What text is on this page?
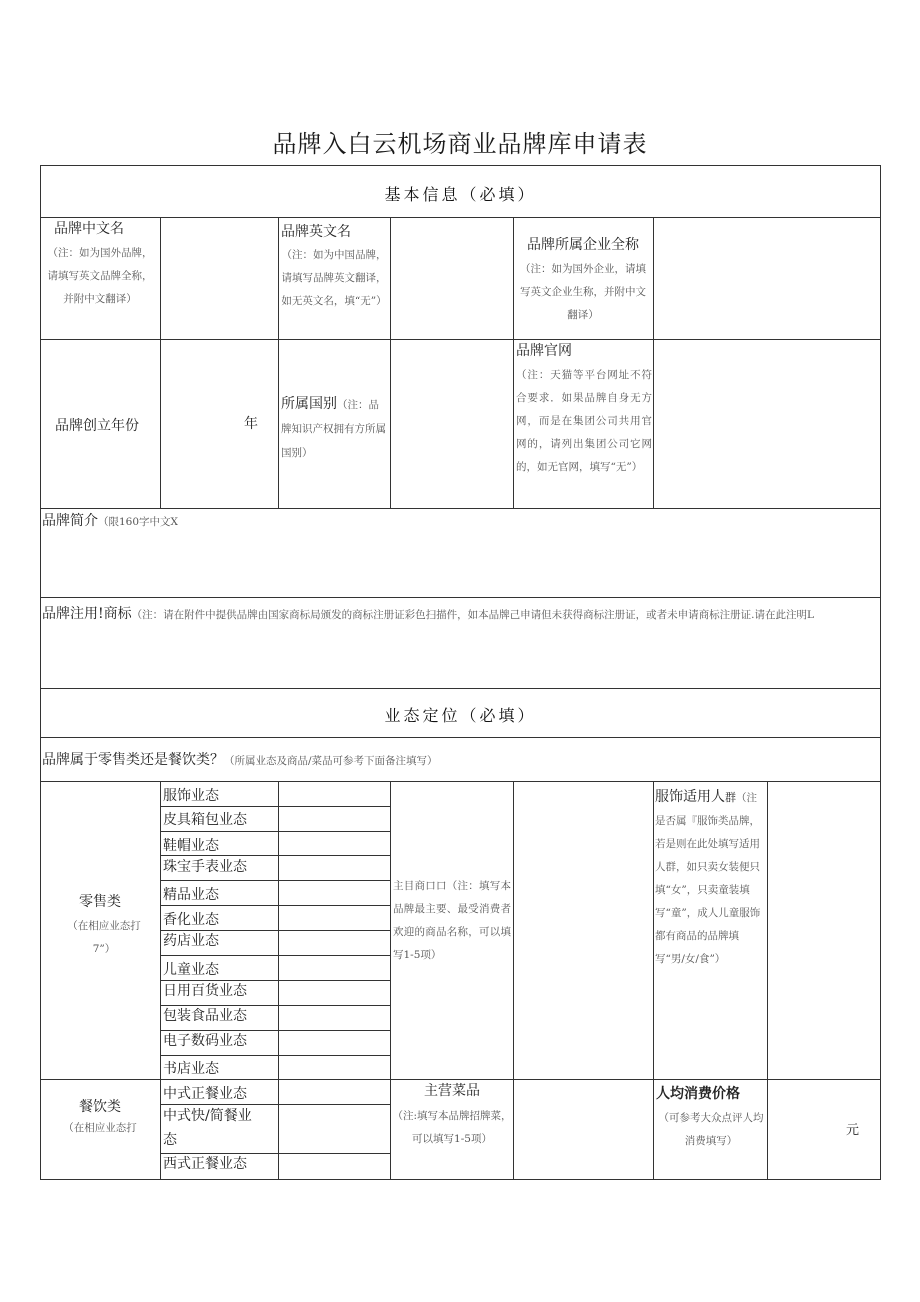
品牌入白云机场商业品牌库申请表
基本信息（必填）
业态定位（必填）
品牌中文名
（注：如为国外品牌，请填写英文品牌全称，并附中文翻译）
品牌英文名
（注：如为中国品牌，请填写品牌英文翻译，如无英文名，填“无”）
品牌所属企业全称
（注：如为国外企业，请填写英文企业生称，并附中文翻译）
品牌创立年份	年
所属国别（注：品牌知识产权拥有方所属国别）
品牌官网
（注：天猫等平台网址不符合要求．如果品牌自身无方网，而是在集团公司共用官网的，请列出集团公司它网的，如无官网，填写“无”）
品牌简介（限160字中文X
品牌注用!商标（注：请在附件中提供品牌由国家商标局颁发的商标注册证彩色扫描件，如本品牌己申请但未获得商标注册证，或者未申请商标注册证.请在此注明L
品牌属于零售类还是餐饮类？（所属业态及商品/菜品可参考下面备注填写）
零售类
（在相应业态打7”）
服饰业态
皮具箱包业态
鞋帽业态
珠宝手表业态
精品业态
香化业态
药店业态
儿童业态
日用百货业态
包装食品业态
电子数码业态
书店业态
主目商口口（注：填写本品牌最主要、最受消费者欢迎的商品名称，可以填写1-5项）
服饰适用人群（注是否属『服饰类品牌，若是则在此处填写适用人群，如只卖女装便只填“女”，只卖童装填写“童”，成人儿童服饰都有商品的品牌填写“男/女/食”）
餐饮类
（在相应业态打
中式正餐业态
中式快/简餐业态
西式正餐业态
主营菜品
（注:填写本品牌招牌菜，可以填写1-5项）
人均消费价格
（可参考大众点评人均消费填写）
元
